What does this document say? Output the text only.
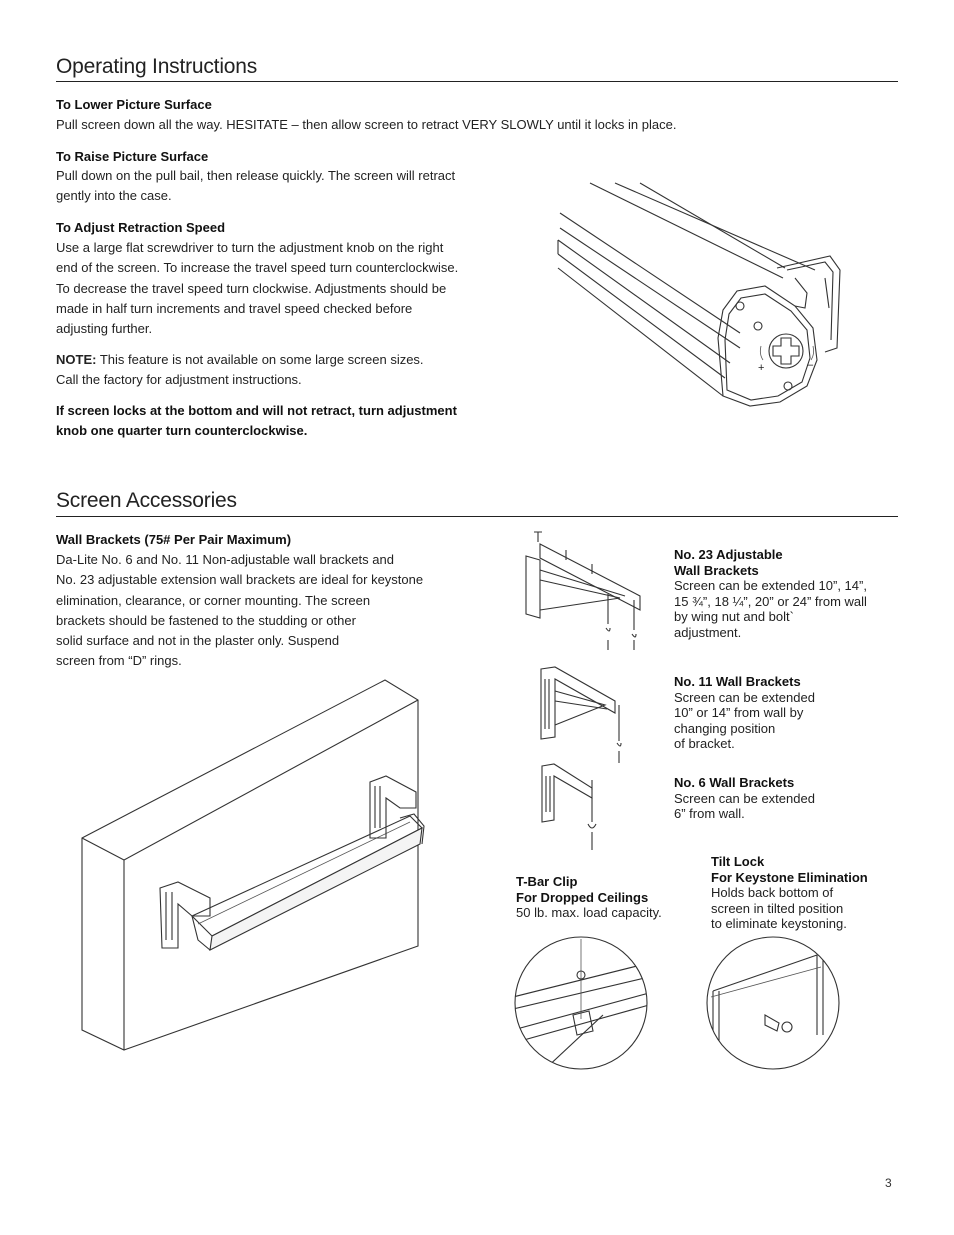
Operating Instructions
To Lower Picture Surface
Pull screen down all the way. HESITATE – then allow screen to retract VERY SLOWLY until it locks in place.
To Raise Picture Surface
Pull down on the pull bail, then release quickly. The screen will retract
gently into the case.
To Adjust Retraction Speed
Use a large flat screwdriver to turn the adjustment knob on the right
end of the screen. To increase the travel speed turn counterclockwise.
To decrease the travel speed turn clockwise. Adjustments should be
made in half turn increments and travel speed checked before
adjusting further.
NOTE: This feature is not available on some large screen sizes.
Call the factory for adjustment instructions.
If screen locks at the bottom and will not retract, turn adjustment
knob one quarter turn counterclockwise.
+	–
Screen Accessories
Wall Brackets (75# Per Pair Maximum)
Da-Lite No. 6 and No. 11 Non-adjustable wall brackets and
No. 23 adjustable extension wall brackets are ideal for keystone
elimination, clearance, or corner mounting. The screen
brackets should be fastened to the studding or other
solid surface and not in the plaster only. Suspend
screen from “D” rings.
No. 23 Adjustable
Wall Brackets
Screen can be extended 10”, 14”,
15 ¾”, 18 ¼”, 20” or 24” from wall
by wing nut and bolt`
adjustment.
No. 11 Wall Brackets
Screen can be extended
10” or 14” from wall by
changing position
of bracket.
No. 6 Wall Brackets
Screen can be extended
6” from wall.
T-Bar Clip
For Dropped Ceilings
50 lb. max. load capacity.
Tilt Lock
For Keystone Elimination
Holds back bottom of
screen in tilted position
to eliminate keystoning.
3
